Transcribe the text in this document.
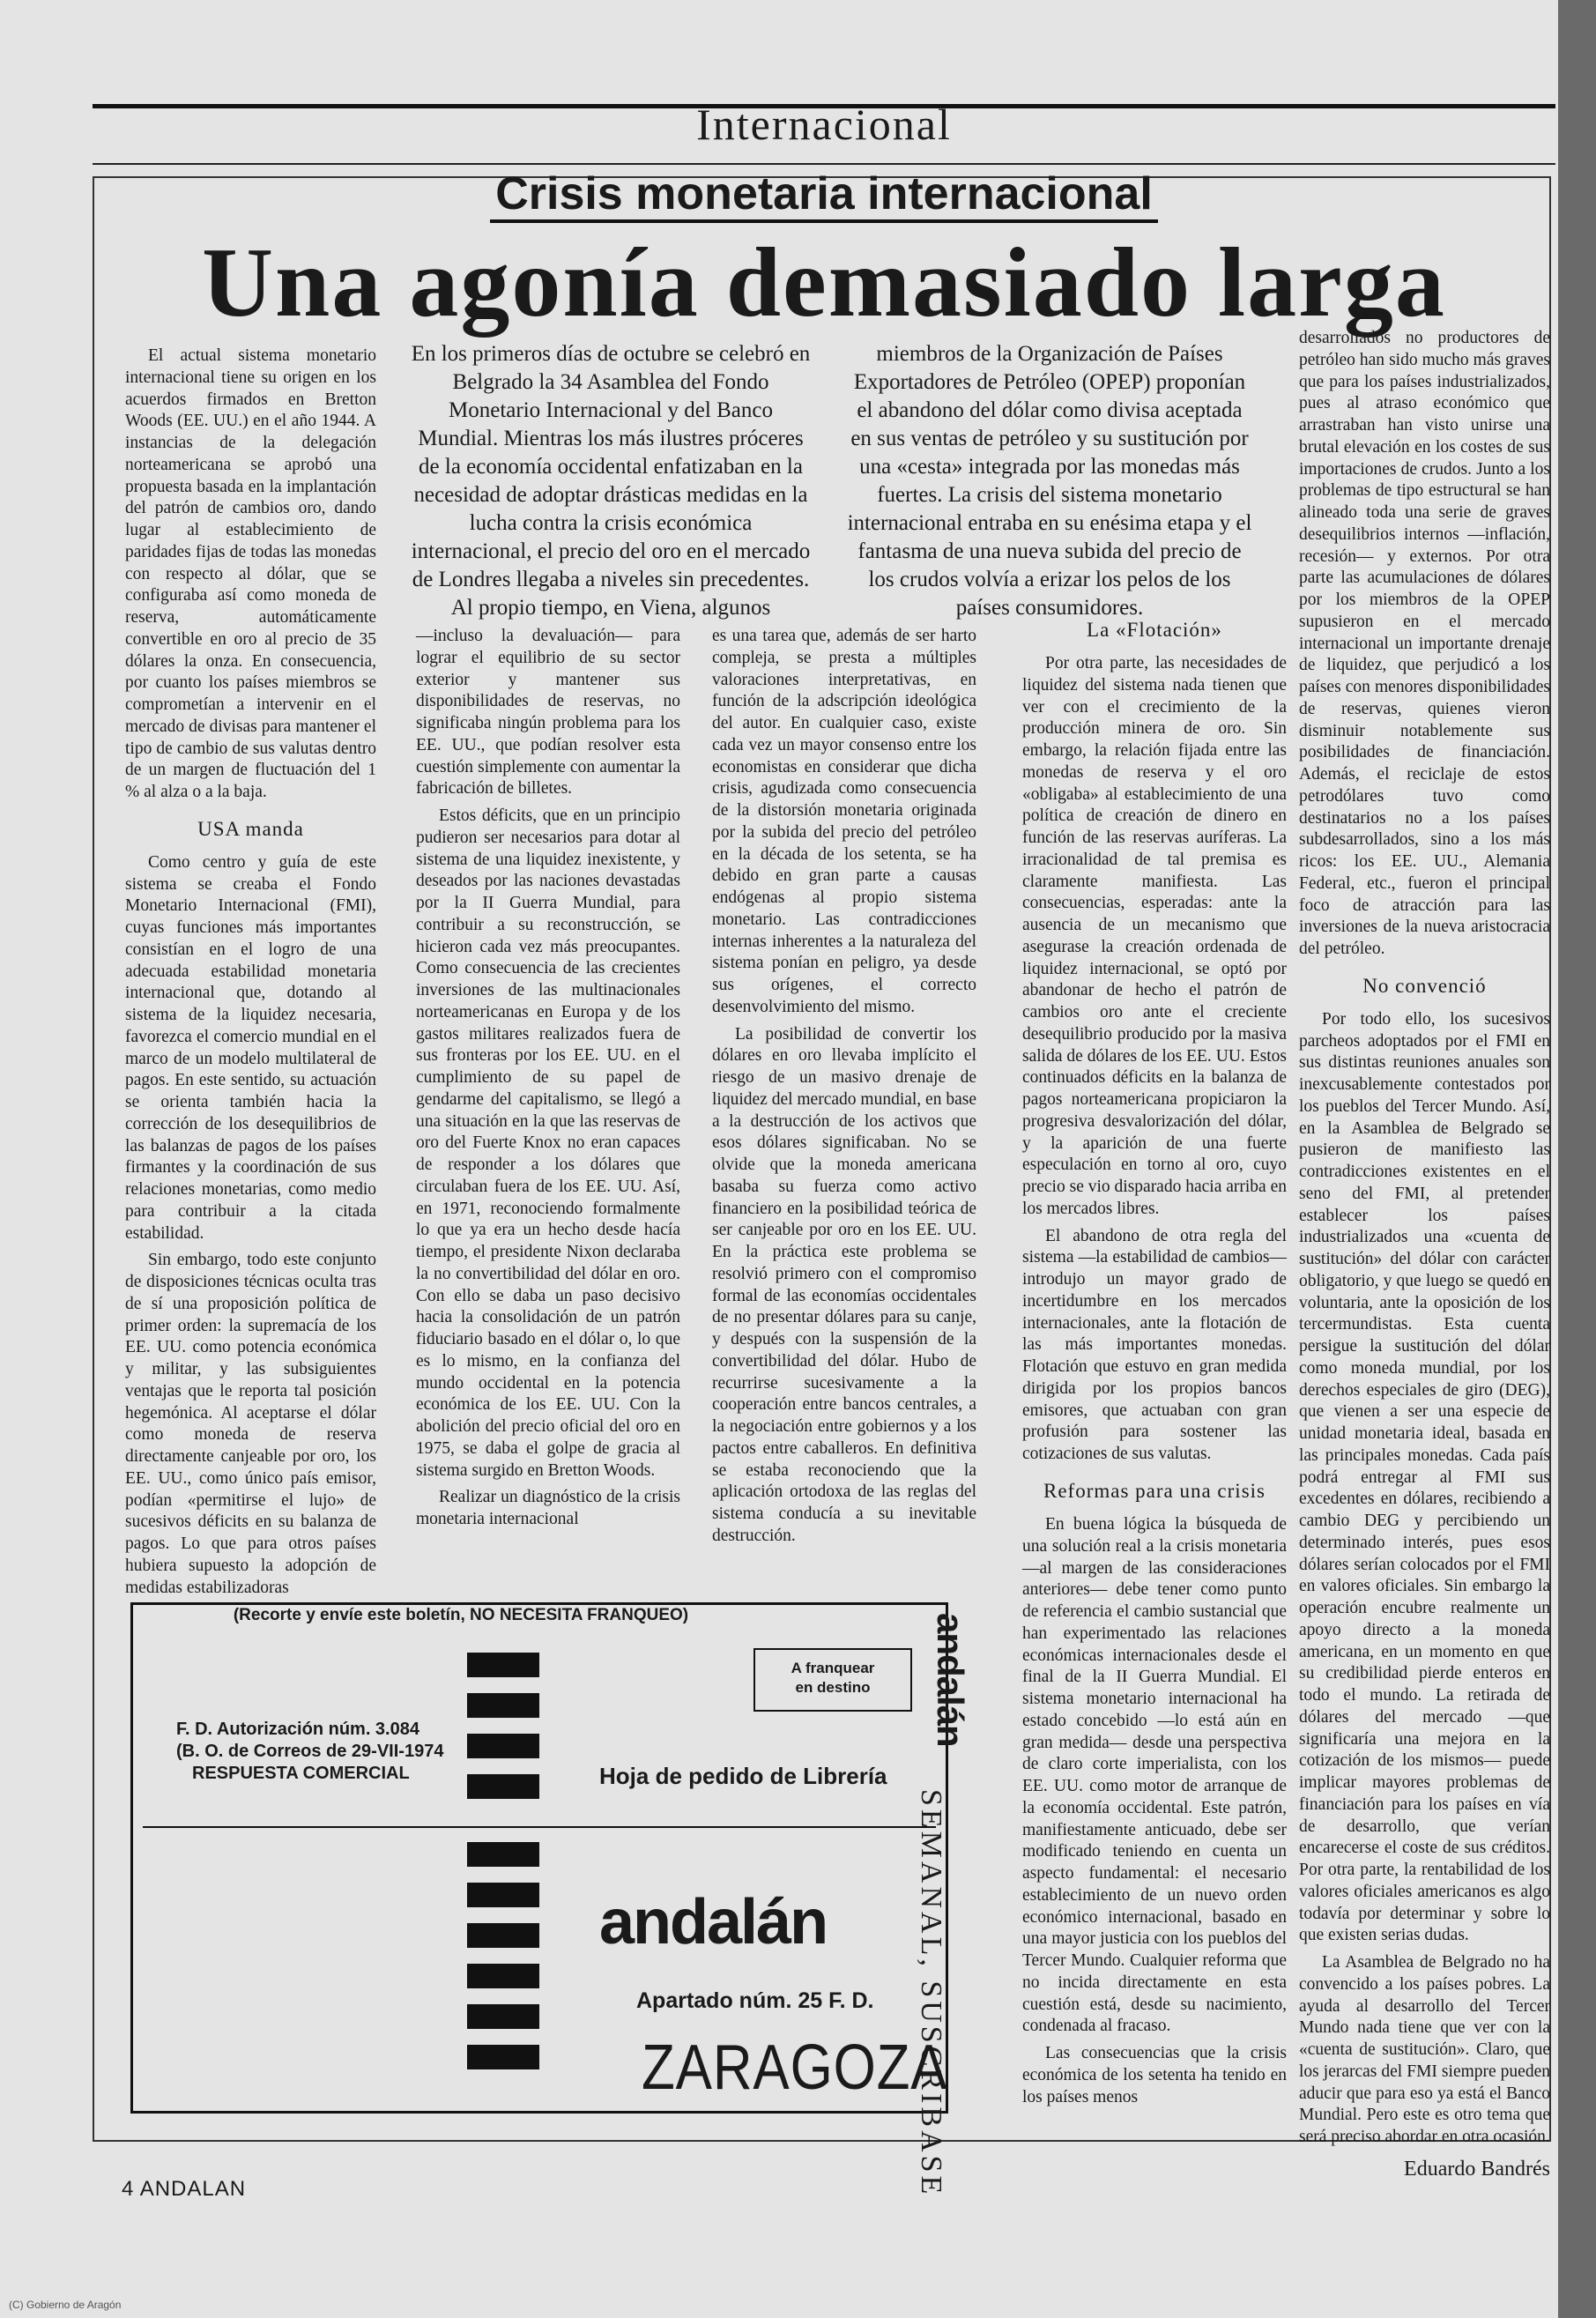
Internacional
Crisis monetaria internacional
Una agonía demasiado larga

El actual sistema monetario internacional tiene su origen en los acuerdos firmados en Bretton Woods (EE. UU.) en el año 1944. A instancias de la delegación norteamericana se aprobó una propuesta basada en la implantación del patrón de cambios oro, dando lugar al establecimiento de paridades fijas de todas las monedas con respecto al dólar, que se configuraba así como moneda de reserva, automáticamente convertible en oro al precio de 35 dólares la onza. En consecuencia, por cuanto los países miembros se comprometían a intervenir en el mercado de divisas para mantener el tipo de cambio de sus valutas dentro de un margen de fluctuación del 1 % al alza o a la baja.

USA manda

Como centro y guía de este sistema se creaba el Fondo Monetario Internacional (FMI), cuyas funciones más importantes consistían en el logro de una adecuada estabilidad monetaria internacional que, dotando al sistema de la liquidez necesaria, favorezca el comercio mundial en el marco de un modelo multilateral de pagos. En este sentido, su actuación se orienta también hacia la corrección de los desequilibrios de las balanzas de pagos de los países firmantes y la coordinación de sus relaciones monetarias, como medio para contribuir a la citada estabilidad.

Sin embargo, todo este conjunto de disposiciones técnicas oculta tras de sí una proposición política de primer orden: la supremacía de los EE. UU. como potencia económica y militar, y las subsiguientes ventajas que le reporta tal posición hegemónica. Al aceptarse el dólar como moneda de reserva directamente canjeable por oro, los EE. UU., como único país emisor, podían «permitirse el lujo» de sucesivos déficits en su balanza de pagos. Lo que para otros países hubiera supuesto la adopción de medidas estabilizadoras

En los primeros días de octubre se celebró en Belgrado la 34 Asamblea del Fondo Monetario Internacional y del Banco Mundial. Mientras los más ilustres próceres de la economía occidental enfatizaban en la necesidad de adoptar drásticas medidas en la lucha contra la crisis económica internacional, el precio del oro en el mercado de Londres llegaba a niveles sin precedentes. Al propio tiempo, en Viena, algunos miembros de la Organización de Países Exportadores de Petróleo (OPEP) proponían el abandono del dólar como divisa aceptada en sus ventas de petróleo y su sustitución por una «cesta» integrada por las monedas más fuertes. La crisis del sistema monetario internacional entraba en su enésima etapa y el fantasma de una nueva subida del precio de los crudos volvía a erizar los pelos de los países consumidores.

—incluso la devaluación— para lograr el equilibrio de su sector exterior y mantener sus disponibilidades de reservas, no significaba ningún problema para los EE. UU., que podían resolver esta cuestión simplemente con aumentar la fabricación de billetes.

Estos déficits, que en un principio pudieron ser necesarios para dotar al sistema de una liquidez inexistente, y deseados por las naciones devastadas por la II Guerra Mundial, para contribuir a su reconstrucción, se hicieron cada vez más preocupantes. Como consecuencia de las crecientes inversiones de las multinacionales norteamericanas en Europa y de los gastos militares realizados fuera de sus fronteras por los EE. UU. en el cumplimiento de su papel de gendarme del capitalismo, se llegó a una situación en la que las reservas de oro del Fuerte Knox no eran capaces de responder a los dólares que circulaban fuera de los EE. UU. Así, en 1971, reconociendo formalmente lo que ya era un hecho desde hacía tiempo, el presidente Nixon declaraba la no convertibilidad del dólar en oro. Con ello se daba un paso decisivo hacia la consolidación de un patrón fiduciario basado en el dólar o, lo que es lo mismo, en la confianza del mundo occidental en la potencia económica de los EE. UU. Con la abolición del precio oficial del oro en 1975, se daba el golpe de gracia al sistema surgido en Bretton Woods.

Realizar un diagnóstico de la crisis monetaria internacional

es una tarea que, además de ser harto compleja, se presta a múltiples valoraciones interpretativas, en función de la adscripción ideológica del autor. En cualquier caso, existe cada vez un mayor consenso entre los economistas en considerar que dicha crisis, agudizada como consecuencia de la distorsión monetaria originada por la subida del precio del petróleo en la década de los setenta, se ha debido en gran parte a causas endógenas al propio sistema monetario. Las contradicciones internas inherentes a la naturaleza del sistema ponían en peligro, ya desde sus orígenes, el correcto desenvolvimiento del mismo.

La posibilidad de convertir los dólares en oro llevaba implícito el riesgo de un masivo drenaje de liquidez del mercado mundial, en base a la destrucción de los activos que esos dólares significaban. No se olvide que la moneda americana basaba su fuerza como activo financiero en la posibilidad teórica de ser canjeable por oro en los EE. UU. En la práctica este problema se resolvió primero con el compromiso formal de las economías occidentales de no presentar dólares para su canje, y después con la suspensión de la convertibilidad del dólar. Hubo de recurrirse sucesivamente a la cooperación entre bancos centrales, a la negociación entre gobiernos y a los pactos entre caballeros. En definitiva se estaba reconociendo que la aplicación ortodoxa de las reglas del sistema conducía a su inevitable destrucción.

La «Flotación»

Por otra parte, las necesidades de liquidez del sistema nada tienen que ver con el crecimiento de la producción minera de oro. Sin embargo, la relación fijada entre las monedas de reserva y el oro «obligaba» al establecimiento de una política de creación de dinero en función de las reservas auríferas. La irracionalidad de tal premisa es claramente manifiesta. Las consecuencias, esperadas: ante la ausencia de un mecanismo que asegurase la creación ordenada de liquidez internacional, se optó por abandonar de hecho el patrón de cambios oro ante el creciente desequilibrio producido por la masiva salida de dólares de los EE. UU. Estos continuados déficits en la balanza de pagos norteamericana propiciaron la progresiva desvalorización del dólar, y la aparición de una fuerte especulación en torno al oro, cuyo precio se vio disparado hacia arriba en los mercados libres.

El abandono de otra regla del sistema —la estabilidad de cambios— introdujo un mayor grado de incertidumbre en los mercados internacionales, ante la flotación de las más importantes monedas. Flotación que estuvo en gran medida dirigida por los propios bancos emisores, que actuaban con gran profusión para sostener las cotizaciones de sus valutas.

Reformas para una crisis

En buena lógica la búsqueda de una solución real a la crisis monetaria —al margen de las consideraciones anteriores— debe tener como punto de referencia el cambio sustancial que han experimentado las relaciones económicas internacionales desde el final de la II Guerra Mundial. El sistema monetario internacional ha estado concebido —lo está aún en gran medida— desde una perspectiva de claro corte imperialista, con los EE. UU. como motor de arranque de la economía occidental. Este patrón, manifiestamente anticuado, debe ser modificado teniendo en cuenta un aspecto fundamental: el necesario establecimiento de un nuevo orden económico internacional, basado en una mayor justicia con los pueblos del Tercer Mundo. Cualquier reforma que no incida directamente en esta cuestión está, desde su nacimiento, condenada al fracaso.

Las consecuencias que la crisis económica de los setenta ha tenido en los países menos

desarrollados no productores de petróleo han sido mucho más graves que para los países industrializados, pues al atraso económico que arrastraban han visto unirse una brutal elevación en los costes de sus importaciones de crudos. Junto a los problemas de tipo estructural se han alineado toda una serie de graves desequilibrios internos —inflación, recesión— y externos. Por otra parte las acumulaciones de dólares por los miembros de la OPEP supusieron en el mercado internacional un importante drenaje de liquidez, que perjudicó a los países con menores disponibilidades de reservas, quienes vieron disminuir notablemente sus posibilidades de financiación. Además, el reciclaje de estos petrodólares tuvo como destinatarios no a los países subdesarrollados, sino a los más ricos: los EE. UU., Alemania Federal, etc., fueron el principal foco de atracción para las inversiones de la nueva aristocracia del petróleo.

No convenció

Por todo ello, los sucesivos parcheos adoptados por el FMI en sus distintas reuniones anuales son inexcusablemente contestados por los pueblos del Tercer Mundo. Así, en la Asamblea de Belgrado se pusieron de manifiesto las contradicciones existentes en el seno del FMI, al pretender establecer los países industrializados una «cuenta de sustitución» del dólar con carácter obligatorio, y que luego se quedó en voluntaria, ante la oposición de los tercermundistas. Esta cuenta persigue la sustitución del dólar como moneda mundial, por los derechos especiales de giro (DEG), que vienen a ser una especie de unidad monetaria ideal, basada en las principales monedas. Cada país podrá entregar al FMI sus excedentes en dólares, recibiendo a cambio DEG y percibiendo un determinado interés, pues esos dólares serían colocados por el FMI en valores oficiales. Sin embargo la operación encubre realmente un apoyo directo a la moneda americana, en un momento en que su credibilidad pierde enteros en todo el mundo. La retirada de dólares del mercado —que significaría una mejora en la cotización de los mismos— puede implicar mayores problemas de financiación para los países en vía de desarrollo, que verían encarecerse el coste de sus créditos. Por otra parte, la rentabilidad de los valores oficiales americanos es algo todavía por determinar y sobre lo que existen serias dudas.

La Asamblea de Belgrado no ha convencido a los países pobres. La ayuda al desarrollo del Tercer Mundo nada tiene que ver con la «cuenta de sustitución». Claro, que los jerarcas del FMI siempre pueden aducir que para eso ya está el Banco Mundial. Pero este es otro tema que será preciso abordar en otra ocasión.

Eduardo Bandrés
(Recorte y envíe este boletín, NO NECESITA FRANQUEO)
F. D. Autorización núm. 3.084
(B. O. de Correos de 29-VII-1974
RESPUESTA COMERCIAL
A franquear
en destino
Hoja de pedido de Librería
andalán
Apartado núm. 25 F. D.
ZARAGOZA
andalán
SEMANAL, SUSCRIBASE
4 ANDALAN
(C) Gobierno de Aragón
